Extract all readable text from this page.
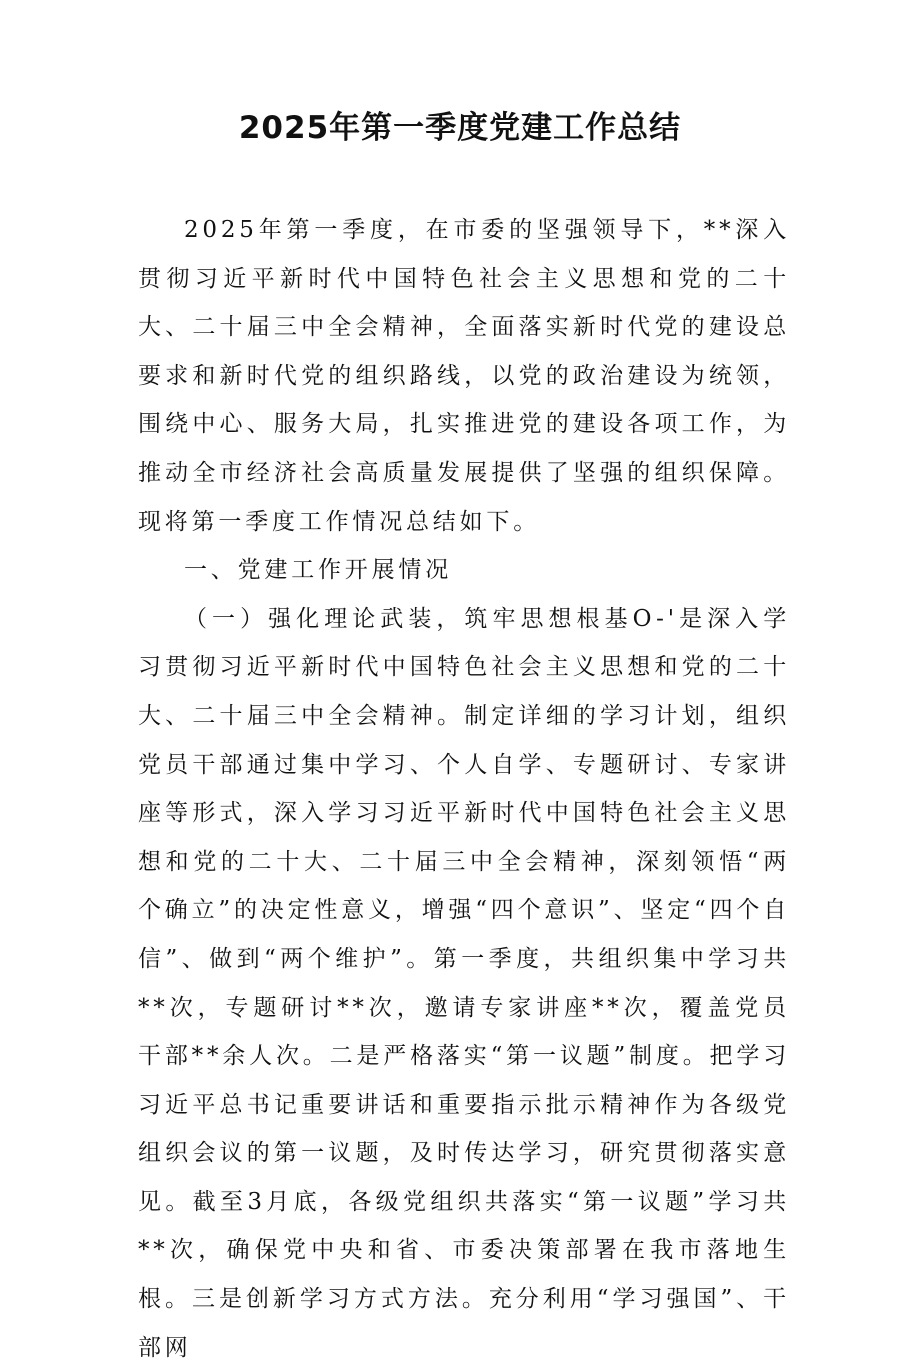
2025年第一季度党建工作总结

2025年第一季度，在市委的坚强领导下，**深入贯彻习近平新时代中国特色社会主义思想和党的二十大、二十届三中全会精神，全面落实新时代党的建设总要求和新时代党的组织路线，以党的政治建设为统领，围绕中心、服务大局，扎实推进党的建设各项工作，为推动全市经济社会高质量发展提供了坚强的组织保障。现将第一季度工作情况总结如下。

一、党建工作开展情况

（一）强化理论武装，筑牢思想根基O-'是深入学习贯彻习近平新时代中国特色社会主义思想和党的二十大、二十届三中全会精神。制定详细的学习计划，组织党员干部通过集中学习、个人自学、专题研讨、专家讲座等形式，深入学习习近平新时代中国特色社会主义思想和党的二十大、二十届三中全会精神，深刻领悟“两个确立”的决定性意义，增强“四个意识”、坚定“四个自信”、做到“两个维护”。第一季度，共组织集中学习共**次，专题研讨**次，邀请专家讲座**次，覆盖党员干部**余人次。二是严格落实“第一议题”制度。把学习习近平总书记重要讲话和重要指示批示精神作为各级党组织会议的第一议题，及时传达学习，研究贯彻落实意见。截至3月底，各级党组织共落实“第一议题”学习共**次，确保党中央和省、市委决策部署在我市落地生根。三是创新学习方式方法。充分利用“学习强国”、干部网
